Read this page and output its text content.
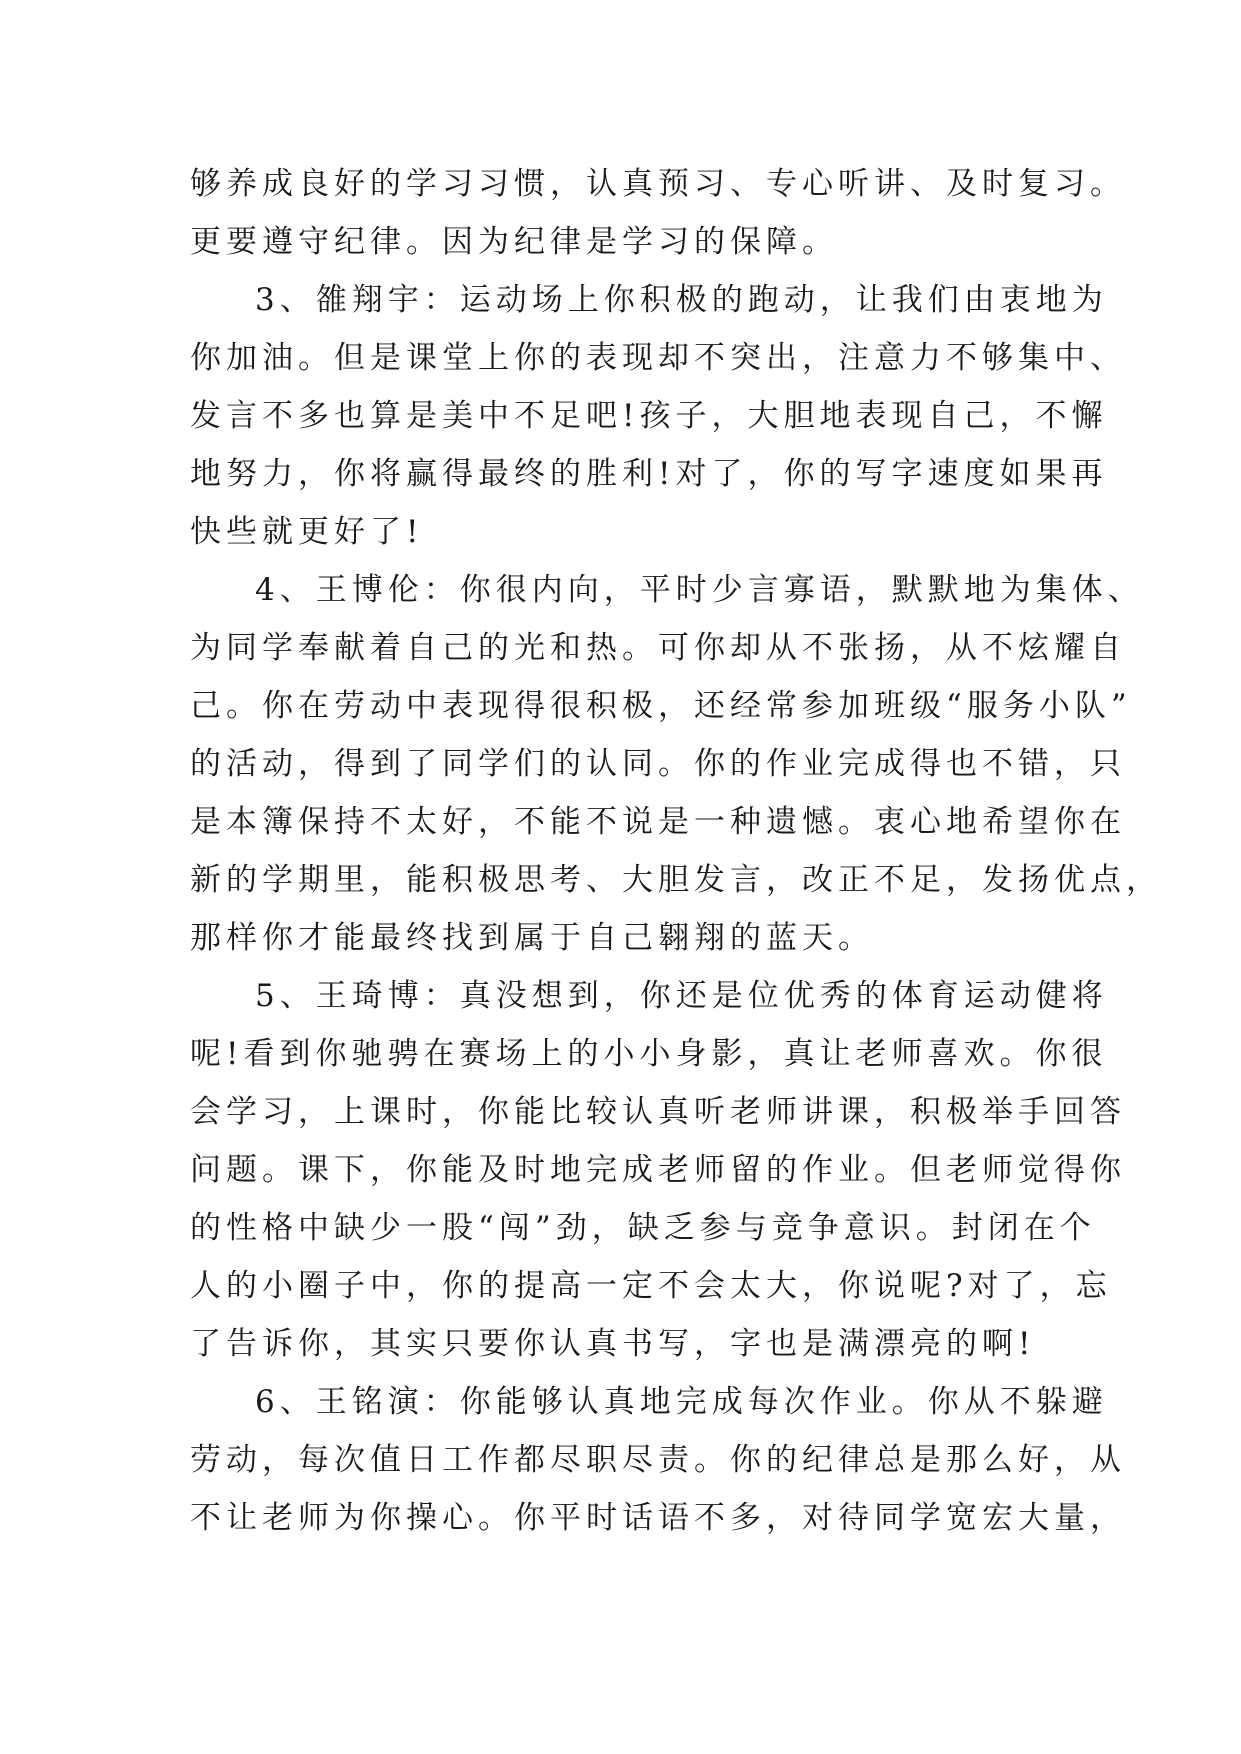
够养成良好的学习习惯，认真预习、专心听讲、及时复习。
更要遵守纪律。因为纪律是学习的保障。
3、雒翔宇：运动场上你积极的跑动，让我们由衷地为
你加油。但是课堂上你的表现却不突出，注意力不够集中、
发言不多也算是美中不足吧!孩子，大胆地表现自己，不懈
地努力，你将赢得最终的胜利!对了，你的写字速度如果再
快些就更好了!
4、王博伦：你很内向，平时少言寡语，默默地为集体、
为同学奉献着自己的光和热。可你却从不张扬，从不炫耀自
己。你在劳动中表现得很积极，还经常参加班级“服务小队”
的活动，得到了同学们的认同。你的作业完成得也不错，只
是本簿保持不太好，不能不说是一种遗憾。衷心地希望你在
新的学期里，能积极思考、大胆发言，改正不足，发扬优点，
那样你才能最终找到属于自己翱翔的蓝天。
5、王琦博：真没想到，你还是位优秀的体育运动健将
呢!看到你驰骋在赛场上的小小身影，真让老师喜欢。你很
会学习，上课时，你能比较认真听老师讲课，积极举手回答
问题。课下，你能及时地完成老师留的作业。但老师觉得你
的性格中缺少一股“闯”劲，缺乏参与竞争意识。封闭在个
人的小圈子中，你的提高一定不会太大，你说呢?对了，忘
了告诉你，其实只要你认真书写，字也是满漂亮的啊!
6、王铭演：你能够认真地完成每次作业。你从不躲避
劳动，每次值日工作都尽职尽责。你的纪律总是那么好，从
不让老师为你操心。你平时话语不多，对待同学宽宏大量，
